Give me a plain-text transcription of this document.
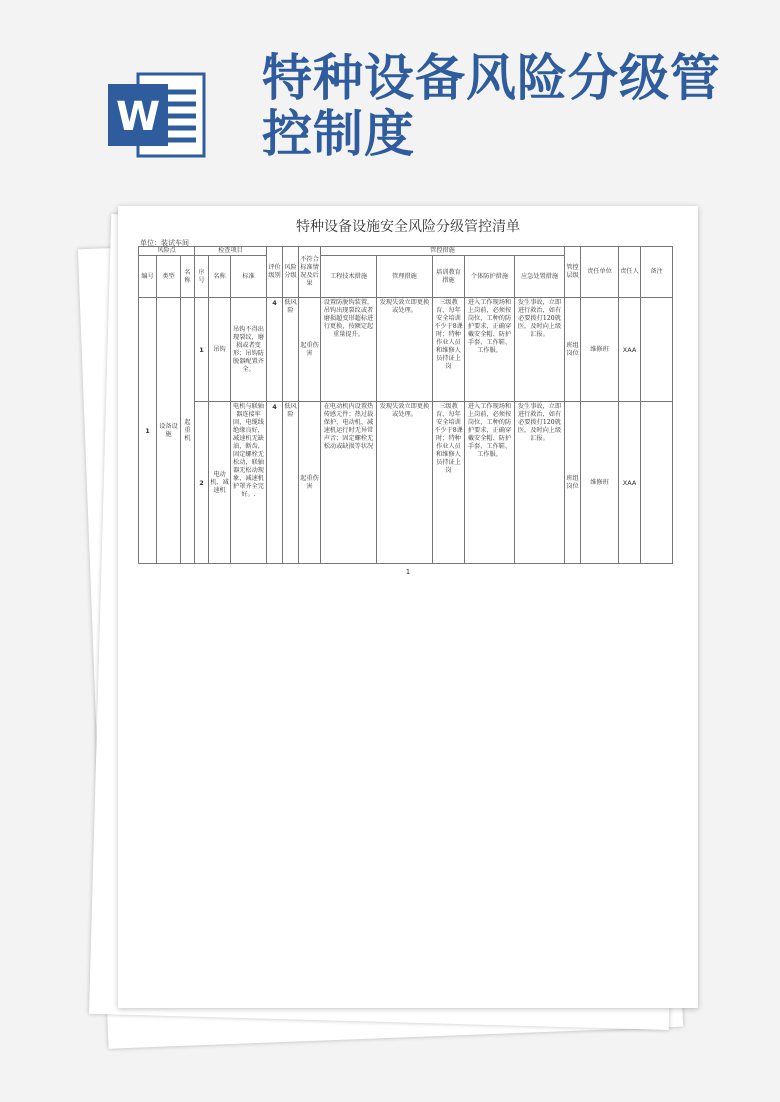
W
特种设备风险分级管控制度
特种设备设施安全风险分级管控清单
单位：装试车间
风险点			检查项目			评价级别	风险分级	不符合标准情况及后果	管控措施					管控层级	责任单位	责任人	备注
编号	类型	名称	序号	名称	标准				工程技术措施	管理措施	培训教育措施	个体防护措施	应急处置措施				
1	设备设施	起重机	1	吊钩	吊钩不得出现裂纹，磨损或者变形；吊钩防脱器配置齐全。	4	低风险	起重伤害	设置防脱钩装置，吊钩出现裂纹或者磨损超变形超标进行更换，按额定起重量提升。	发现失效立即更换或处理。	三级教育，每年安全培训不少于8课时；特种作业人员和维修人员持证上岗	进入工作现场和上岗前，必须按岗位，工种的防护要求，正确穿戴安全帽、防护手套、工作鞋、工作服。	发生事故，立即进行救治，如有必要拨打120就医，及时向上级汇报。	班组岗位	维修班	XAA	
			2	电动机、减速机	电机与联轴器连接牢固，电缆线绝缘良好，减速机无缺油，断齿，固定螺栓无松动，联轴器无松动现象，减速机护罩齐全完好。.	4	低风险	起重伤害	在电动机内设置热传感元件；热过载保护，电动机、减速机运行时无异常声音；固定螺栓无松动或缺损等状况	发现失效立即更换或处理。	三级教育，每年安全培训不少于8课时；特种作业人员和维修人员持证上岗	进入工作现场和上岗前，必须按岗位，工种的防护要求，正确穿戴安全帽、防护手套、工作鞋、工作服。	发生事故，立即进行救治，如有必要拨打120就医，及时向上级汇报。	班组岗位	维修班	XAA	
1
